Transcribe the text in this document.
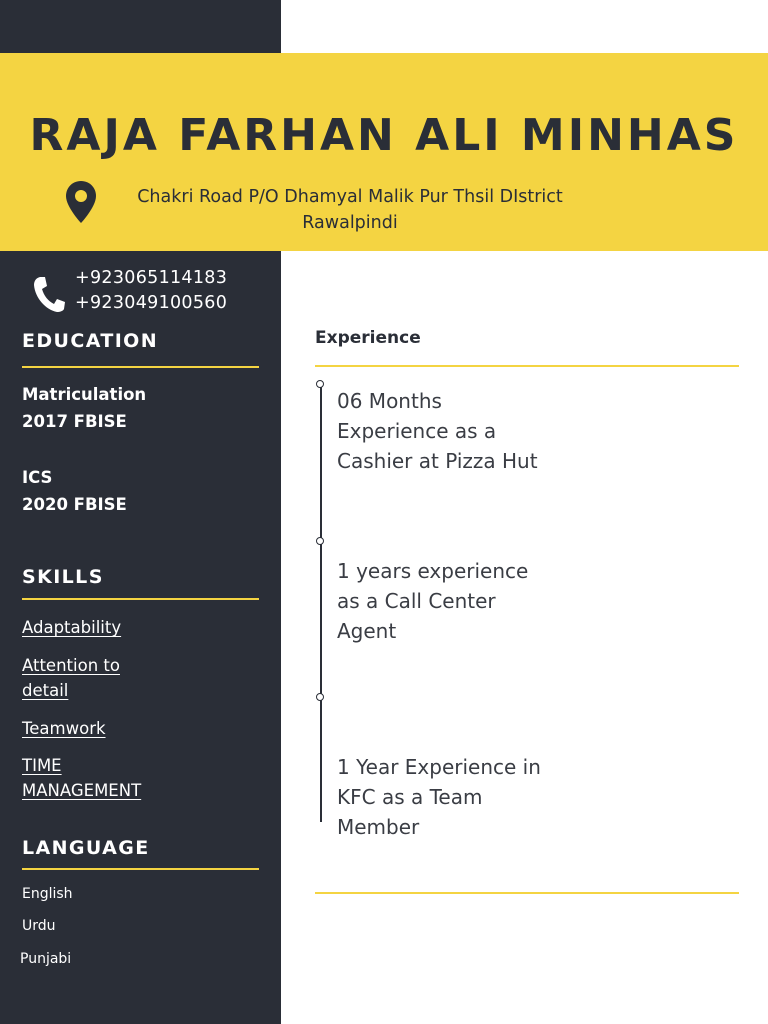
RAJA FARHAN ALI MINHAS
Chakri Road P/O Dhamyal Malik Pur Thsil DIstrict
Rawalpindi
+923065114183
+923049100560
EDUCATION
Matriculation
2017 FBISE
ICS
2020 FBISE
SKILLS
Adaptability
Attention to
detail
Teamwork
TIME
MANAGEMENT
LANGUAGE
English
Urdu
Punjabi
Experience
06 Months
Experience as a
Cashier at Pizza Hut
1 years experience
as a Call Center
Agent
1 Year Experience in
KFC as a Team
Member
